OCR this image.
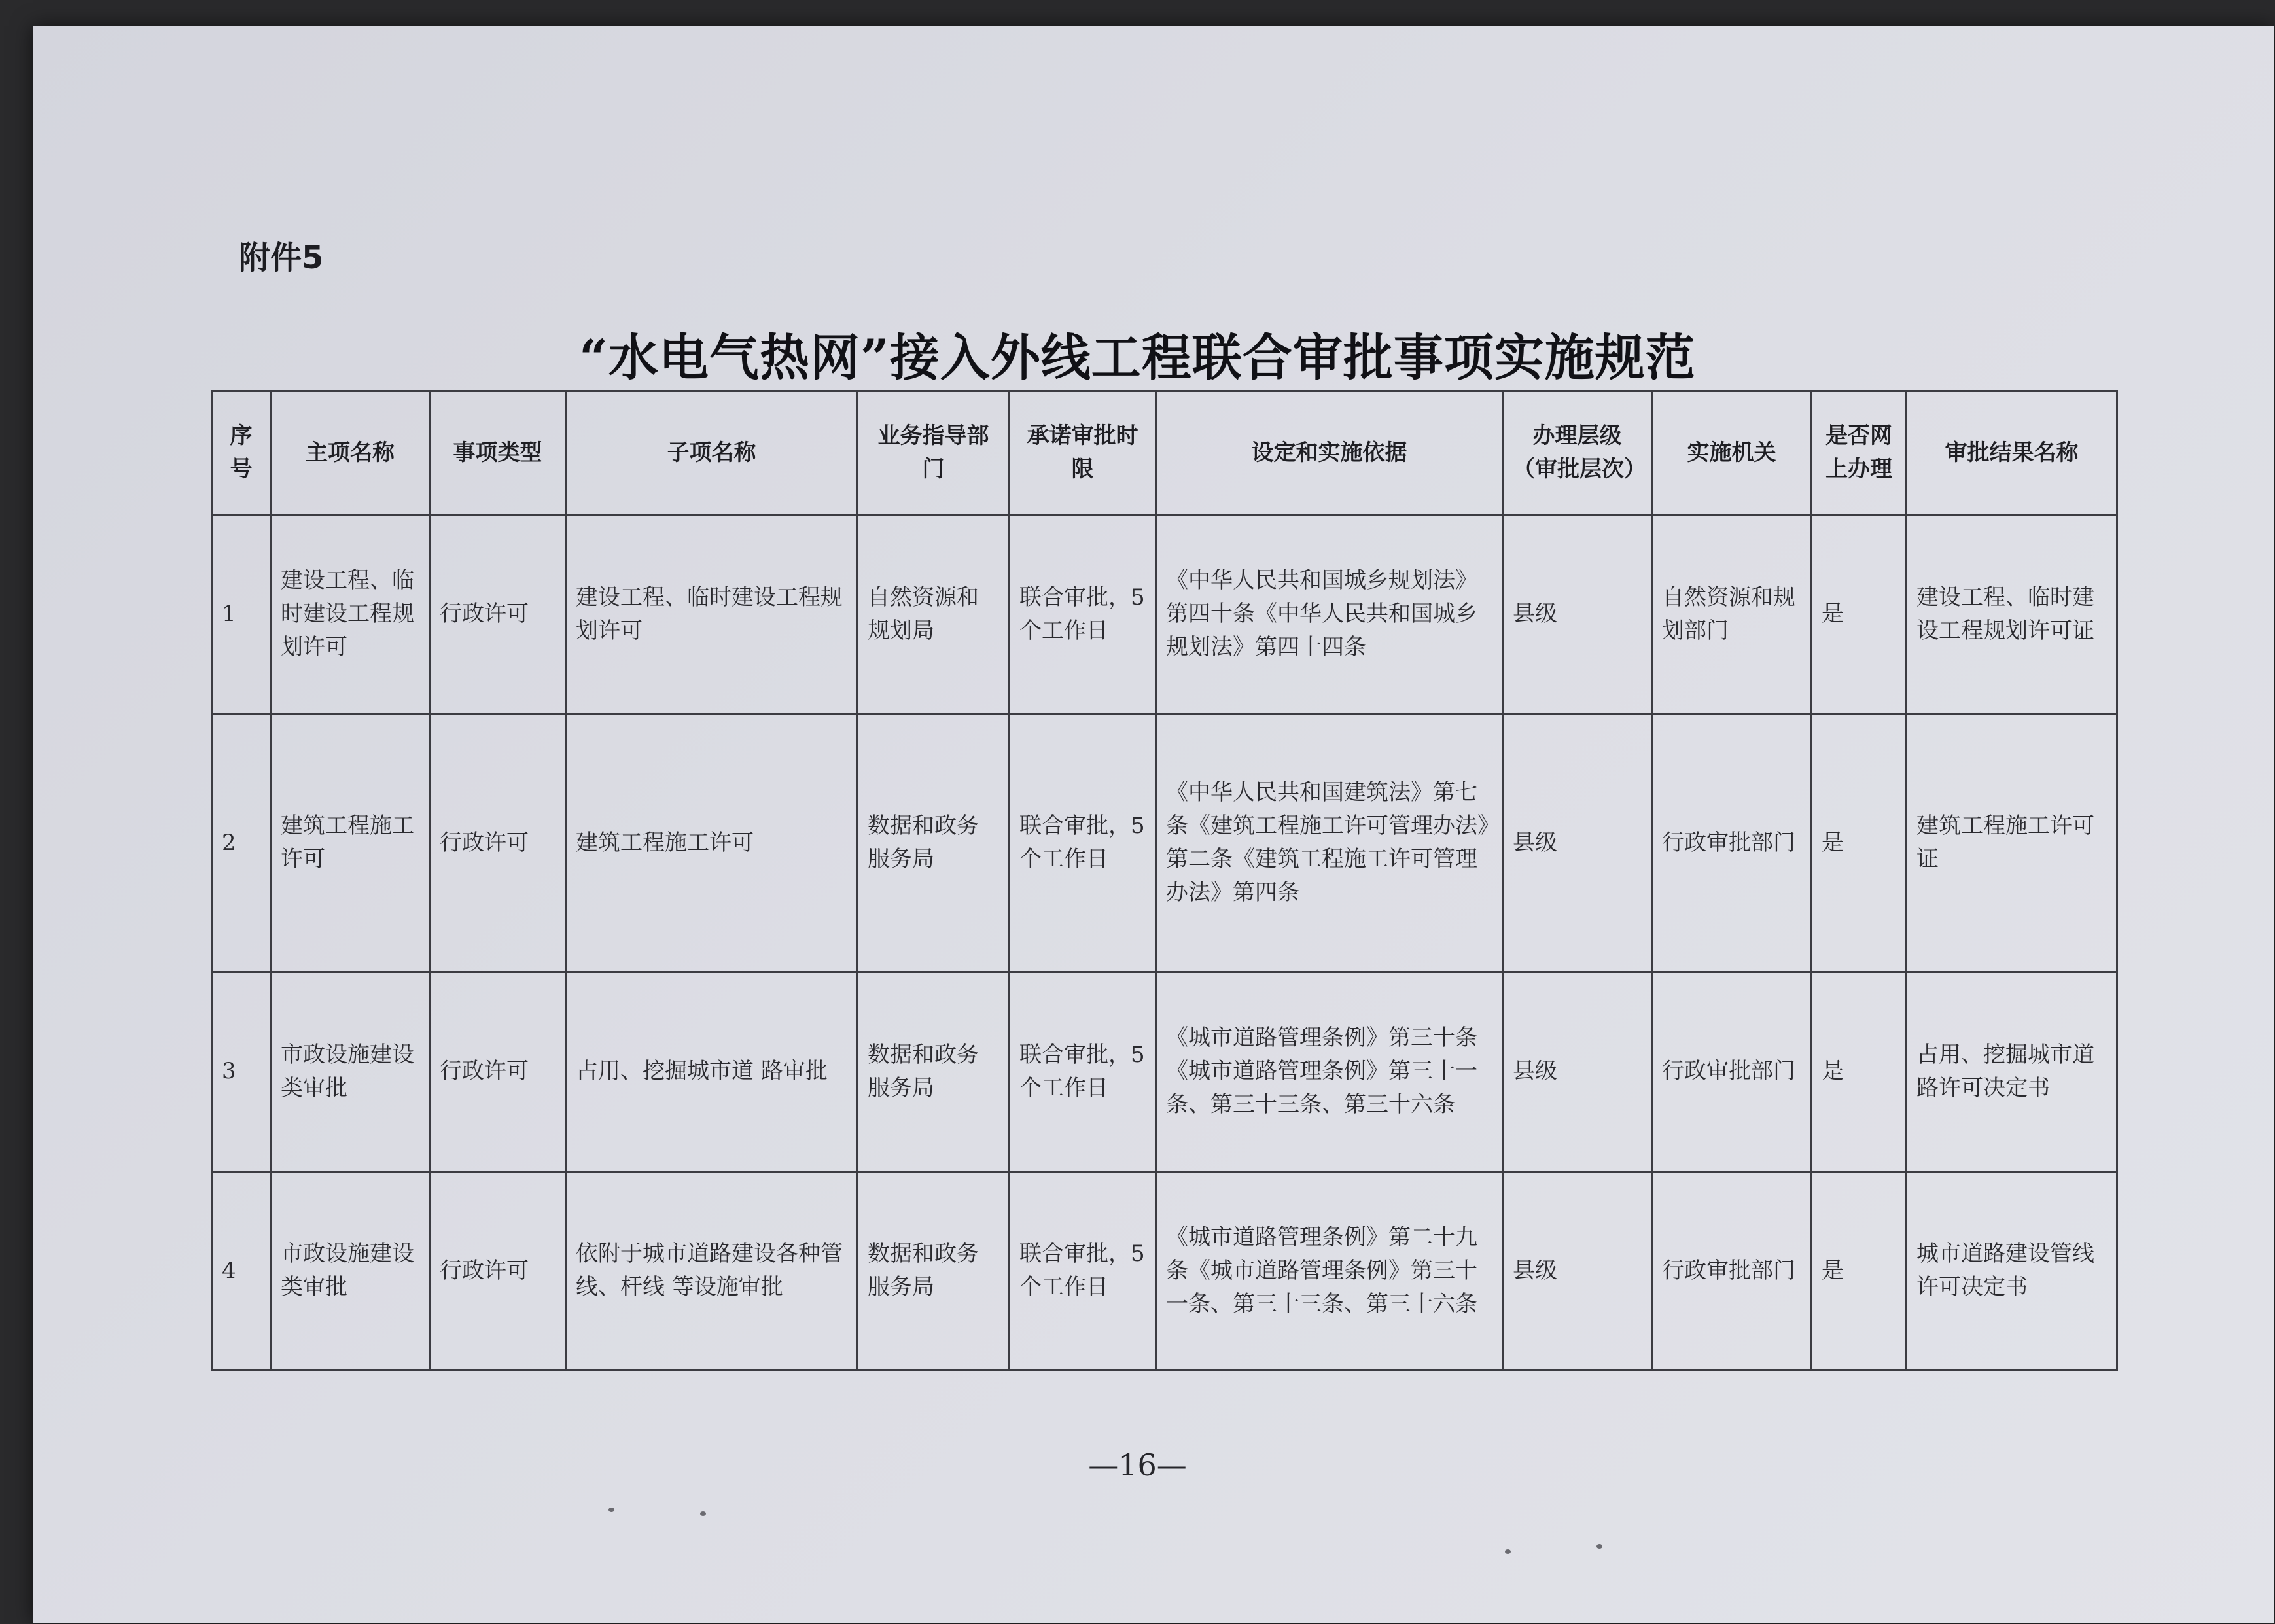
附件5
“水电气热网”接入外线工程联合审批事项实施规范
序号	主项名称	事项类型	子项名称	业务指导部门	承诺审批时限	设定和实施依据	办理层级（审批层次）	实施机关	是否网上办理	审批结果名称
1	建设工程、临时建设工程规划许可	行政许可	建设工程、临时建设工程规划许可	自然资源和规划局	联合审批，5个工作日	《中华人民共和国城乡规划法》第四十条《中华人民共和国城乡规划法》第四十四条	县级	自然资源和规划部门	是	建设工程、临时建设工程规划许可证
2	建筑工程施工许可	行政许可	建筑工程施工许可	数据和政务服务局	联合审批，5个工作日	《中华人民共和国建筑法》第七条《建筑工程施工许可管理办法》第二条《建筑工程施工许可管理办法》第四条	县级	行政审批部门	是	建筑工程施工许可证
3	市政设施建设类审批	行政许可	占用、挖掘城市道 路审批	数据和政务服务局	联合审批，5个工作日	《城市道路管理条例》第三十条《城市道路管理条例》第三十一条、第三十三条、第三十六条	县级	行政审批部门	是	占用、挖掘城市道路许可决定书
4	市政设施建设类审批	行政许可	依附于城市道路建设各种管线、杆线 等设施审批	数据和政务服务局	联合审批，5个工作日	《城市道路管理条例》第二十九条《城市道路管理条例》第三十一条、第三十三条、第三十六条	县级	行政审批部门	是	城市道路建设管线许可决定书
—16—
